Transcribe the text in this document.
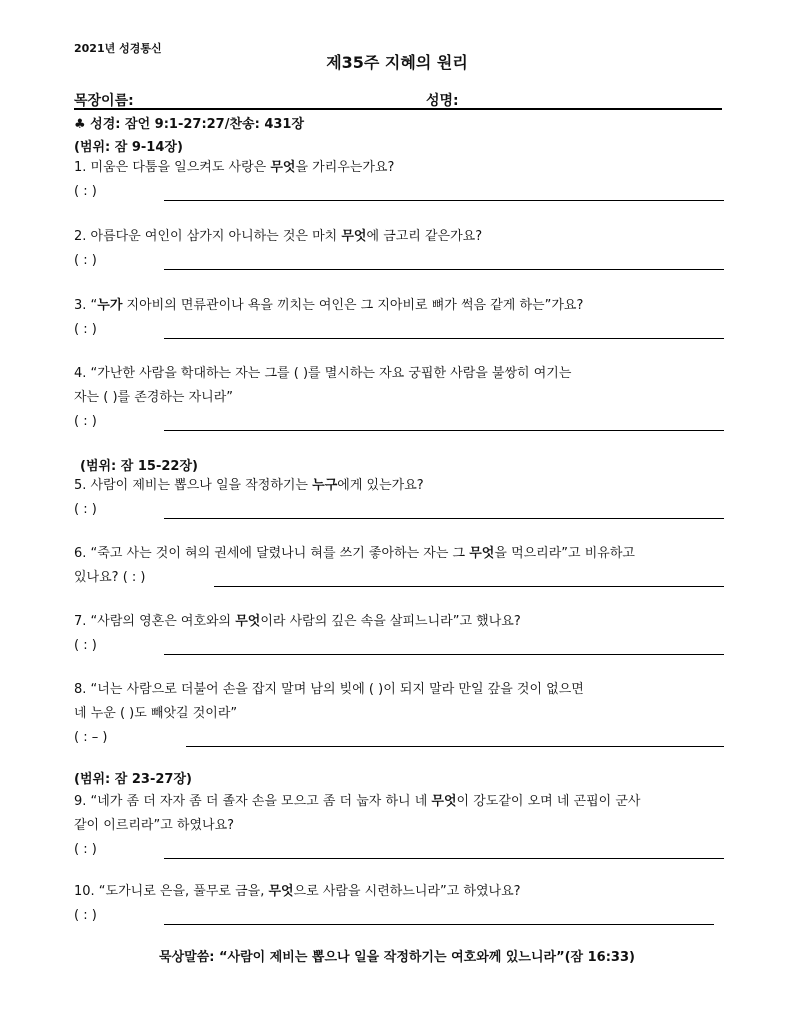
2021년 성경통신
제35주 지혜의 원리
목장이름:	성명:
♣ 성경: 잠언 9:1-27:27/찬송: 431장
(범위: 잠 9-14장)
1. 미움은 다툼을 일으켜도 사랑은 무엇을 가리우는가요?
( : )
2. 아름다운 여인이 삼가지 아니하는 것은 마치 무엇에 금고리 같은가요?
( : )
3. “누가 지아비의 면류관이나 욕을 끼치는 여인은 그 지아비로 뼈가 썩음 같게 하는”가요?
( : )
4. “가난한 사람을 학대하는 자는 그를 ( )를 멸시하는 자요 궁핍한 사람을 불쌍히 여기는
자는 ( )를 존경하는 자니라”
( : )
(범위: 잠 15-22장)
5. 사람이 제비는 뽑으나 일을 작정하기는 누구에게 있는가요?
( : )
6. “죽고 사는 것이 혀의 권세에 달렸나니 혀를 쓰기 좋아하는 자는 그 무엇을 먹으리라”고 비유하고
있나요? ( : )
7. “사람의 영혼은 여호와의 무엇이라 사람의 깊은 속을 살피느니라”고 했나요?
( : )
8. “너는 사람으로 더불어 손을 잡지 말며 남의 빚에 ( )이 되지 말라 만일 갚을 것이 없으면
네 누운 ( )도 빼앗길 것이라”
( : – )
(범위: 잠 23-27장)
9. “네가 좀 더 자자 좀 더 졸자 손을 모으고 좀 더 눕자 하니 네 무엇이 강도같이 오며 네 곤핍이 군사
같이 이르리라”고 하였나요?
( : )
10. “도가니로 은을, 풀무로 금을, 무엇으로 사람을 시련하느니라”고 하였나요?
( : )
묵상말씀: “사람이 제비는 뽑으나 일을 작정하기는 여호와께 있느니라”(잠 16:33)
